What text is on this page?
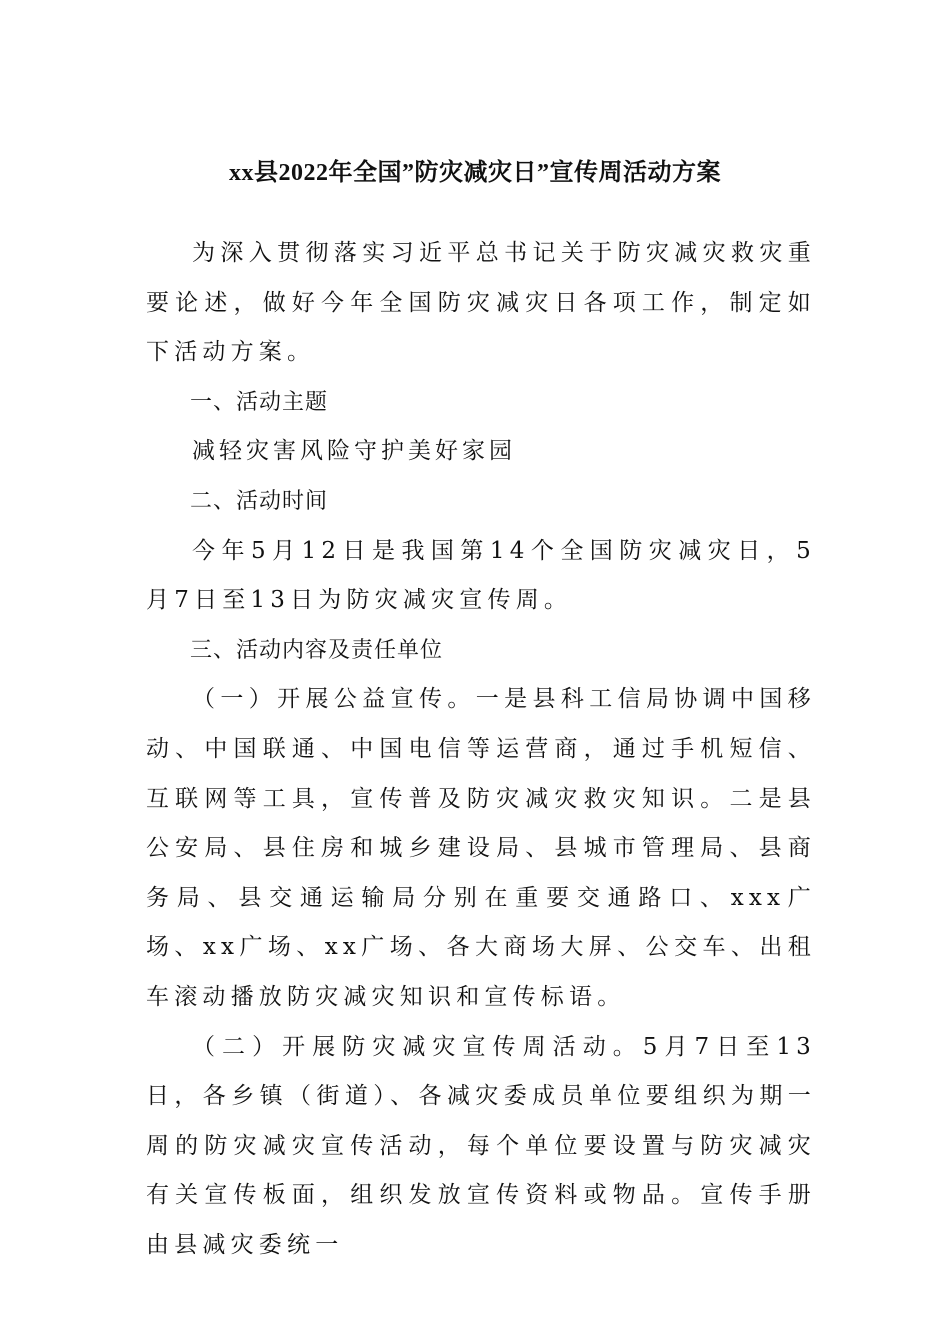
xx县2022年全国”防灾减灾日”宣传周活动方案

为深入贯彻落实习近平总书记关于防灾减灾救灾重要论述，做好今年全国防灾减灾日各项工作，制定如下活动方案。

一、活动主题

减轻灾害风险守护美好家园

二、活动时间

今年5月12日是我国第14个全国防灾减灾日，5月7日至13日为防灾减灾宣传周。

三、活动内容及责任单位

（一）开展公益宣传。一是县科工信局协调中国移动、中国联通、中国电信等运营商，通过手机短信、互联网等工具，宣传普及防灾减灾救灾知识。二是县公安局、县住房和城乡建设局、县城市管理局、县商务局、县交通运输局分别在重要交通路口、xxx广场、xx广场、xx广场、各大商场大屏、公交车、出租车滚动播放防灾减灾知识和宣传标语。

（二）开展防灾减灾宣传周活动。5月7日至13日，各乡镇（街道）、各减灾委成员单位要组织为期一周的防灾减灾宣传活动，每个单位要设置与防灾减灾有关宣传板面，组织发放宣传资料或物品。宣传手册由县减灾委统一
